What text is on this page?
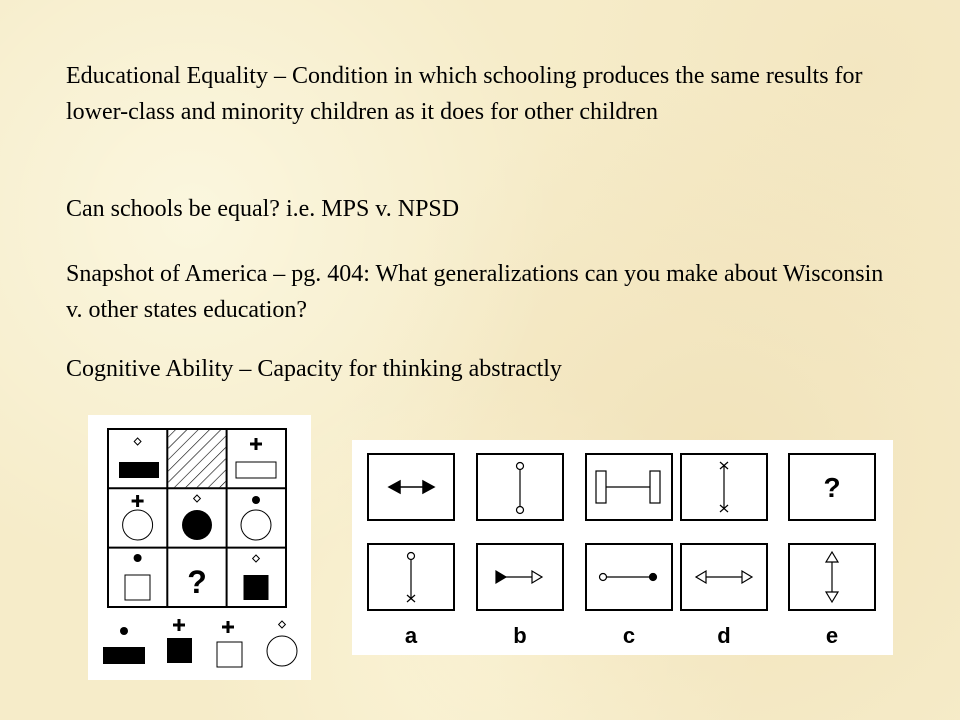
Educational Equality – Condition in which schooling produces the same results for lower-class and minority children as it does for other children

Can schools be equal? i.e. MPS v. NPSD

Snapshot of America – pg. 404: What generalizations can you make about Wisconsin v. other states education?

Cognitive Ability – Capacity for thinking abstractly

?
?
a	b	c	d	e
